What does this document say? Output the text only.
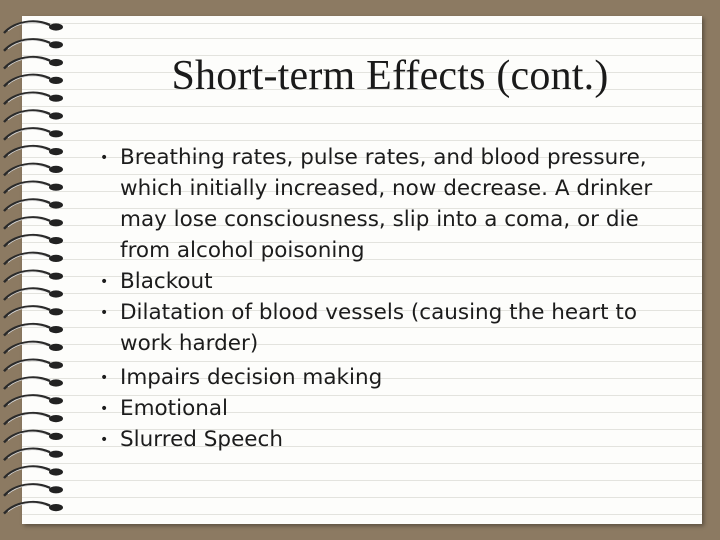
Short-term Effects (cont.)
• Breathing rates, pulse rates, and blood pressure, which initially increased, now decrease. A drinker may lose consciousness, slip into a coma, or die from alcohol poisoning
• Blackout
• Dilatation of blood vessels (causing the heart to work harder)
• Impairs decision making
• Emotional
• Slurred Speech
